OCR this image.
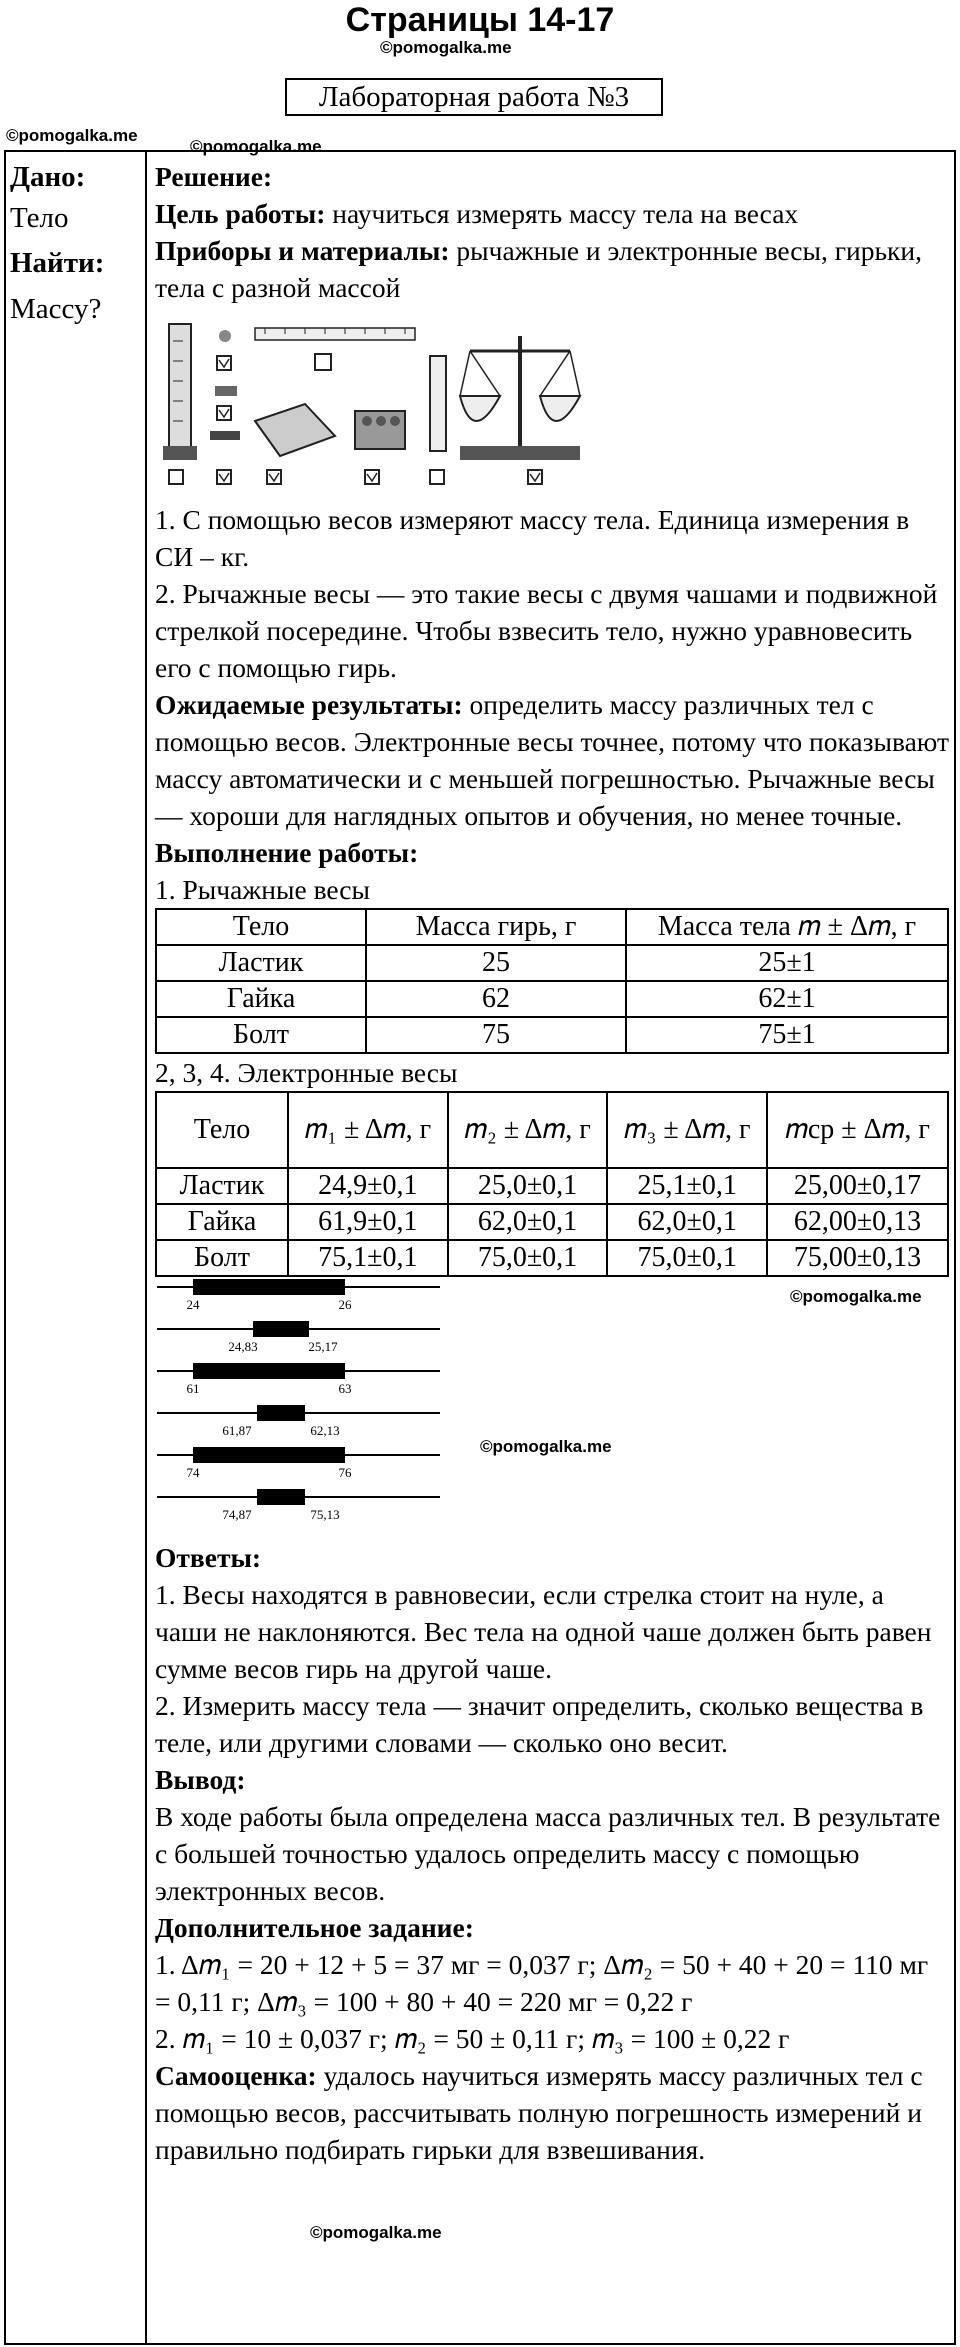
Страницы 14-17
©pomogalka.me
Лабораторная работа №3
©pomogalka.me
©pomogalka.me
Дано:
Тело
Найти:
Массу?

Решение:

Цель работы: научиться измерять массу тела на весах

Приборы и материалы: рычажные и электронные весы, гирьки, тела с разной массой

1. С помощью весов измеряют массу тела. Единица измерения в СИ – кг.

2. Рычажные весы — это такие весы с двумя чашами и подвижной стрелкой посередине. Чтобы взвесить тело, нужно уравновесить его с помощью гирь.

Ожидаемые результаты: определить массу различных тел с помощью весов. Электронные весы точнее, потому что показывают массу автоматически и с меньшей погрешностью. Рычажные весы — хороши для наглядных опытов и обучения, но менее точные.

Выполнение работы:

1. Рычажные весы

Тело	Масса гирь, г	Масса тела 𝑚 ± Δ𝑚, г
Ластик	25	25±1
Гайка	62	62±1
Болт	75	75±1

2, 3, 4. Электронные весы

Тело	𝑚₁ ± Δ𝑚, г	𝑚₂ ± Δ𝑚, г	𝑚₃ ± Δ𝑚, г	𝑚ср ± Δ𝑚, г
Ластик	24,9±0,1	25,0±0,1	25,1±0,1	25,00±0,17
Гайка	61,9±0,1	62,0±0,1	62,0±0,1	62,00±0,13
Болт	75,1±0,1	75,0±0,1	75,0±0,1	75,00±0,13
24	26
24,83	25,17
61	63
61,87	62,13
74	76
74,87	75,13
©pomogalka.me
©pomogalka.me

Ответы:

1. Весы находятся в равновесии, если стрелка стоит на нуле, а чаши не наклоняются. Вес тела на одной чаше должен быть равен сумме весов гирь на другой чаше.

2. Измерить массу тела — значит определить, сколько вещества в теле, или другими словами — сколько оно весит.

Вывод:

В ходе работы была определена масса различных тел. В результате с большей точностью удалось определить массу с помощью электронных весов.

Дополнительное задание:

1. Δ𝑚₁ = 20 + 12 + 5 = 37 мг = 0,037 г; Δ𝑚₂ = 50 + 40 + 20 = 110 мг = 0,11 г; Δ𝑚₃ = 100 + 80 + 40 = 220 мг = 0,22 г

2. 𝑚₁ = 10 ± 0,037 г; 𝑚₂ = 50 ± 0,11 г; 𝑚₃ = 100 ± 0,22 г

Самооценка: удалось научиться измерять массу различных тел с помощью весов, рассчитывать полную погрешность измерений и правильно подбирать гирьки для взвешивания.

©pomogalka.me
